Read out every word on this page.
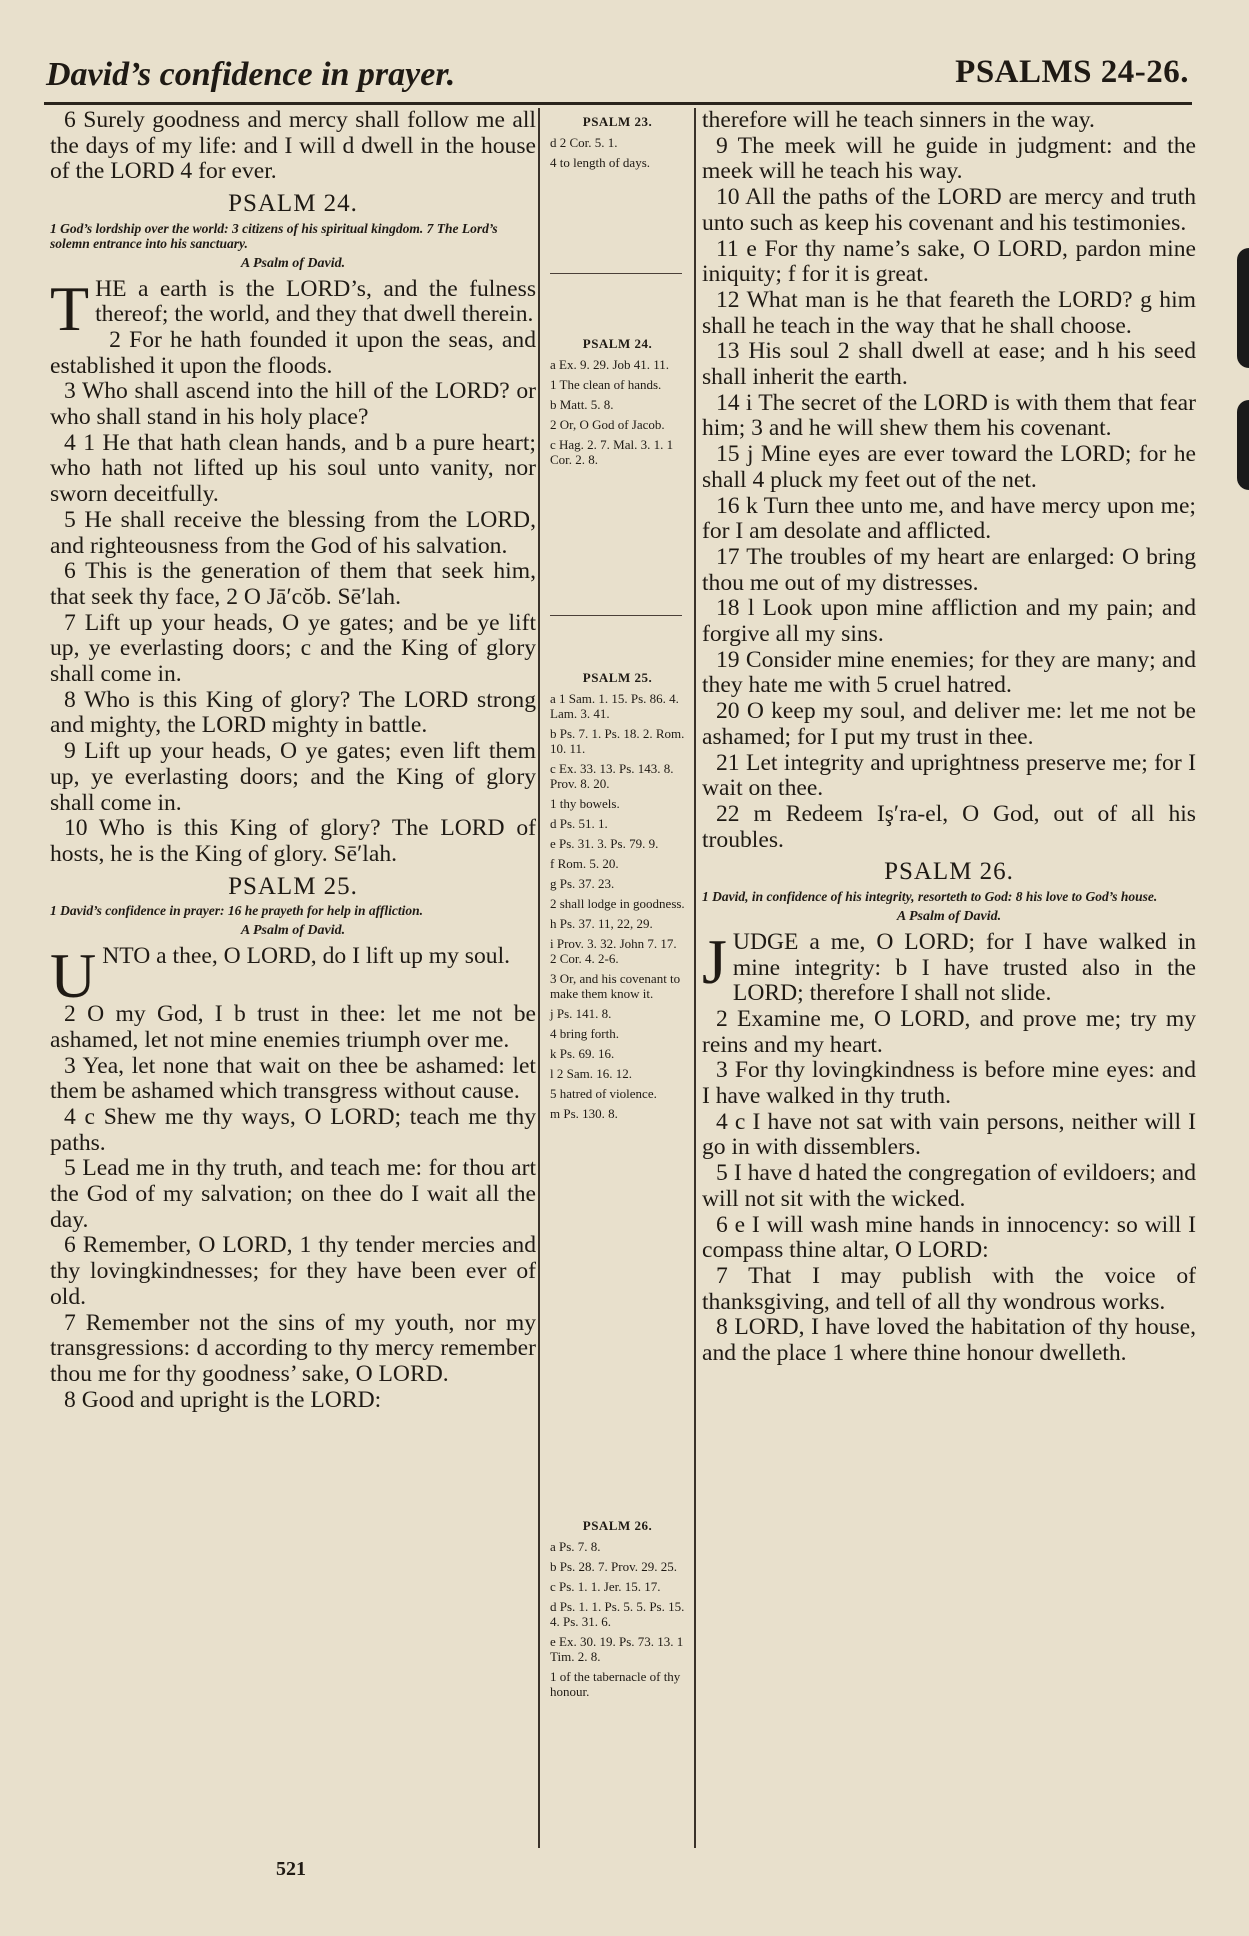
David’s confidence in prayer.	PSALMS 24-26.

6 Surely goodness and mercy shall follow me all the days of my life: and I will d dwell in the house of the LORD 4 for ever.

PSALM 24.

1 God’s lordship over the world: 3 citizens of his spiritual kingdom. 7 The Lord’s solemn entrance into his sanctuary.

A Psalm of David.

THE a earth is the LORD’s, and the fulness thereof; the world, and they that dwell therein.

2 For he hath founded it upon the seas, and established it upon the floods.

3 Who shall ascend into the hill of the LORD? or who shall stand in his holy place?

4 1 He that hath clean hands, and b a pure heart; who hath not lifted up his soul unto vanity, nor sworn deceitfully.

5 He shall receive the blessing from the LORD, and righteousness from the God of his salvation.

6 This is the generation of them that seek him, that seek thy face, 2 O Jā′cŏb. Sē′lah.

7 Lift up your heads, O ye gates; and be ye lift up, ye everlasting doors; c and the King of glory shall come in.

8 Who is this King of glory? The LORD strong and mighty, the LORD mighty in battle.

9 Lift up your heads, O ye gates; even lift them up, ye everlasting doors; and the King of glory shall come in.

10 Who is this King of glory? The LORD of hosts, he is the King of glory. Sē′lah.

PSALM 25.

1 David’s confidence in prayer: 16 he prayeth for help in affliction.

A Psalm of David.

UNTO a thee, O LORD, do I lift up my soul.

2 O my God, I b trust in thee: let me not be ashamed, let not mine enemies triumph over me.

3 Yea, let none that wait on thee be ashamed: let them be ashamed which transgress without cause.

4 c Shew me thy ways, O LORD; teach me thy paths.

5 Lead me in thy truth, and teach me: for thou art the God of my salvation; on thee do I wait all the day.

6 Remember, O LORD, 1 thy tender mercies and thy lovingkindnesses; for they have been ever of old.

7 Remember not the sins of my youth, nor my transgressions: d according to thy mercy remember thou me for thy goodness’ sake, O LORD.

8 Good and upright is the LORD:

PSALM 23.
d 2 Cor. 5. 1.
4 to length of days.
PSALM 24.
a Ex. 9. 29. Job 41. 11.
1 The clean of hands.
b Matt. 5. 8.
2 Or, O God of Jacob.
c Hag. 2. 7. Mal. 3. 1. 1 Cor. 2. 8.
PSALM 25.
a 1 Sam. 1. 15. Ps. 86. 4. Lam. 3. 41.
b Ps. 7. 1. Ps. 18. 2. Rom. 10. 11.
c Ex. 33. 13. Ps. 143. 8. Prov. 8. 20.
1 thy bowels.
d Ps. 51. 1.
e Ps. 31. 3. Ps. 79. 9.
f Rom. 5. 20.
g Ps. 37. 23.
2 shall lodge in goodness.
h Ps. 37. 11, 22, 29.
i Prov. 3. 32. John 7. 17. 2 Cor. 4. 2-6.
3 Or, and his covenant to make them know it.
j Ps. 141. 8.
4 bring forth.
k Ps. 69. 16.
l 2 Sam. 16. 12.
5 hatred of violence.
m Ps. 130. 8.
PSALM 26.
a Ps. 7. 8.
b Ps. 28. 7. Prov. 29. 25.
c Ps. 1. 1. Jer. 15. 17.
d Ps. 1. 1. Ps. 5. 5. Ps. 15. 4. Ps. 31. 6.
e Ex. 30. 19. Ps. 73. 13. 1 Tim. 2. 8.
1 of the tabernacle of thy honour.

therefore will he teach sinners in the way.

9 The meek will he guide in judgment: and the meek will he teach his way.

10 All the paths of the LORD are mercy and truth unto such as keep his covenant and his testimonies.

11 e For thy name’s sake, O LORD, pardon mine iniquity; f for it is great.

12 What man is he that feareth the LORD? g him shall he teach in the way that he shall choose.

13 His soul 2 shall dwell at ease; and h his seed shall inherit the earth.

14 i The secret of the LORD is with them that fear him; 3 and he will shew them his covenant.

15 j Mine eyes are ever toward the LORD; for he shall 4 pluck my feet out of the net.

16 k Turn thee unto me, and have mercy upon me; for I am desolate and afflicted.

17 The troubles of my heart are enlarged: O bring thou me out of my distresses.

18 l Look upon mine affliction and my pain; and forgive all my sins.

19 Consider mine enemies; for they are many; and they hate me with 5 cruel hatred.

20 O keep my soul, and deliver me: let me not be ashamed; for I put my trust in thee.

21 Let integrity and uprightness preserve me; for I wait on thee.

22 m Redeem Iş′ra-el, O God, out of all his troubles.

PSALM 26.

1 David, in confidence of his integrity, resorteth to God: 8 his love to God’s house.

A Psalm of David.

JUDGE a me, O LORD; for I have walked in mine integrity: b I have trusted also in the LORD; therefore I shall not slide.

2 Examine me, O LORD, and prove me; try my reins and my heart.

3 For thy lovingkindness is before mine eyes: and I have walked in thy truth.

4 c I have not sat with vain persons, neither will I go in with dissemblers.

5 I have d hated the congregation of evildoers; and will not sit with the wicked.

6 e I will wash mine hands in innocency: so will I compass thine altar, O LORD:

7 That I may publish with the voice of thanksgiving, and tell of all thy wondrous works.

8 LORD, I have loved the habitation of thy house, and the place 1 where thine honour dwelleth.

521
